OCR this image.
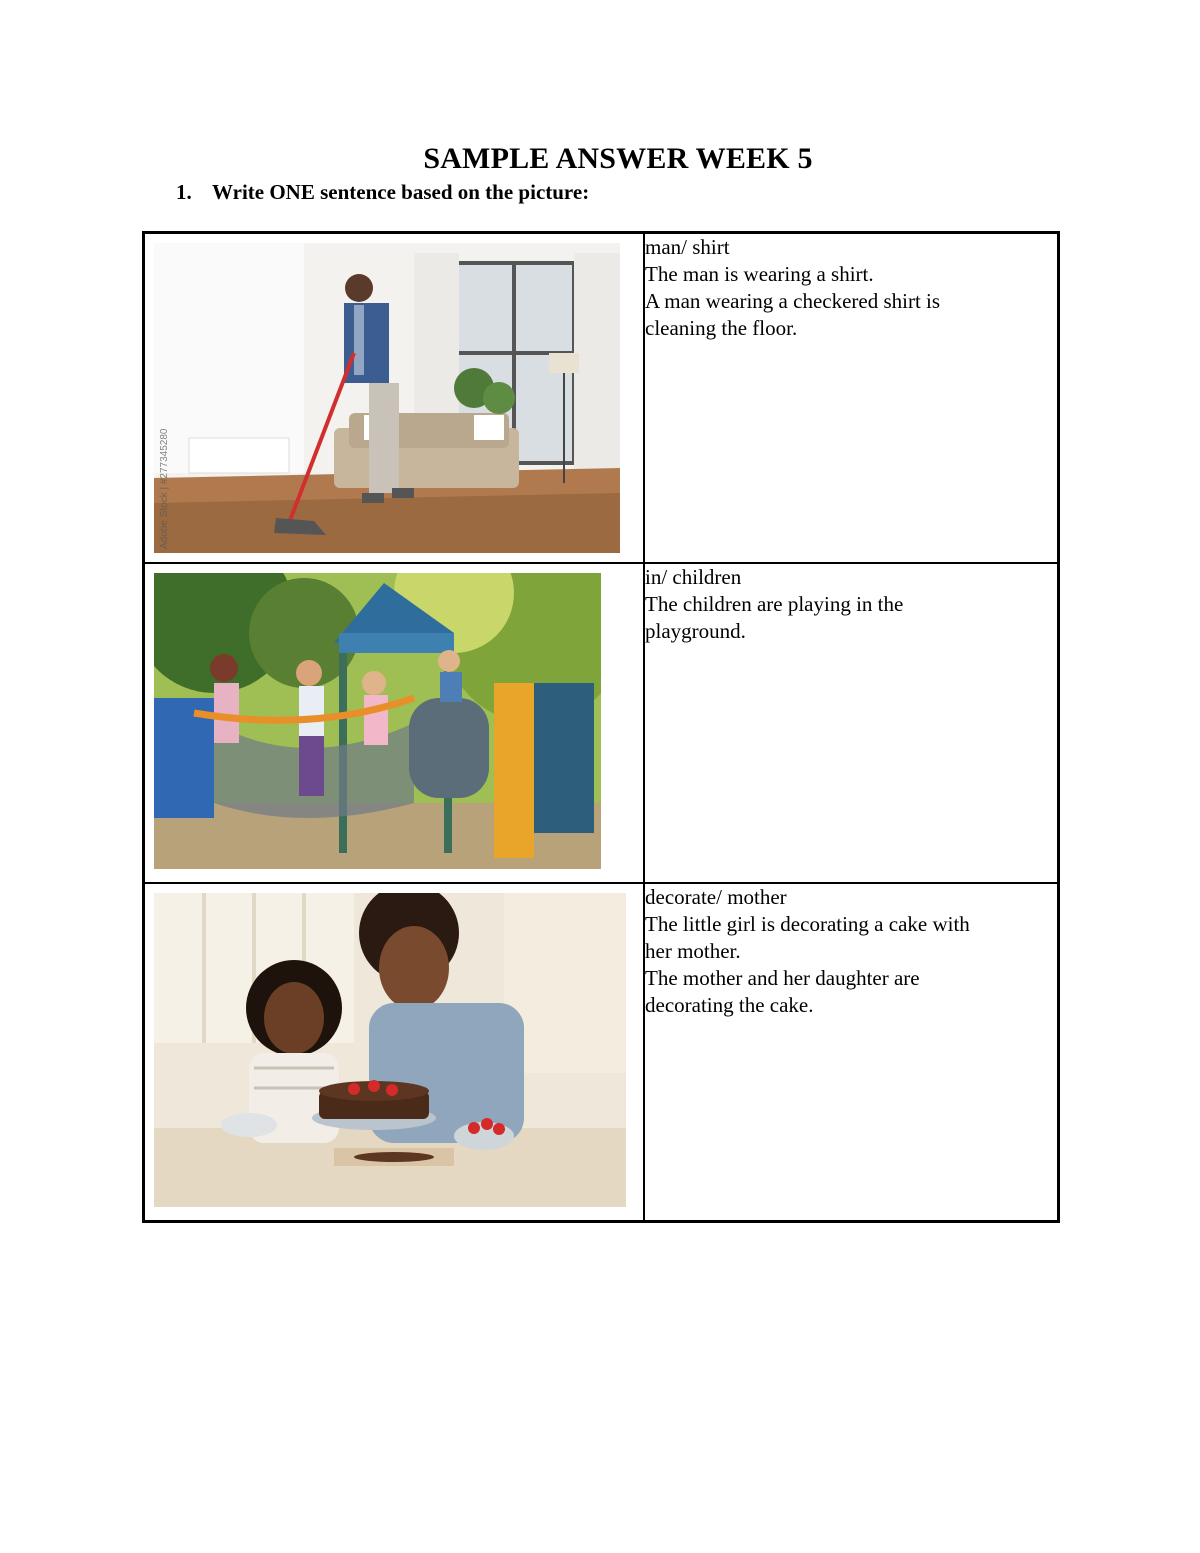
SAMPLE ANSWER WEEK 5
1. Write ONE sentence based on the picture:
Adobe Stock | #277345280	man/ shirt
The man is wearing a shirt.
A man wearing a checkered shirt is
cleaning the floor.

in/ children
The children are playing in the
playground.

decorate/ mother
The little girl is decorating a cake with
her mother.
The mother and her daughter are
decorating the cake.
